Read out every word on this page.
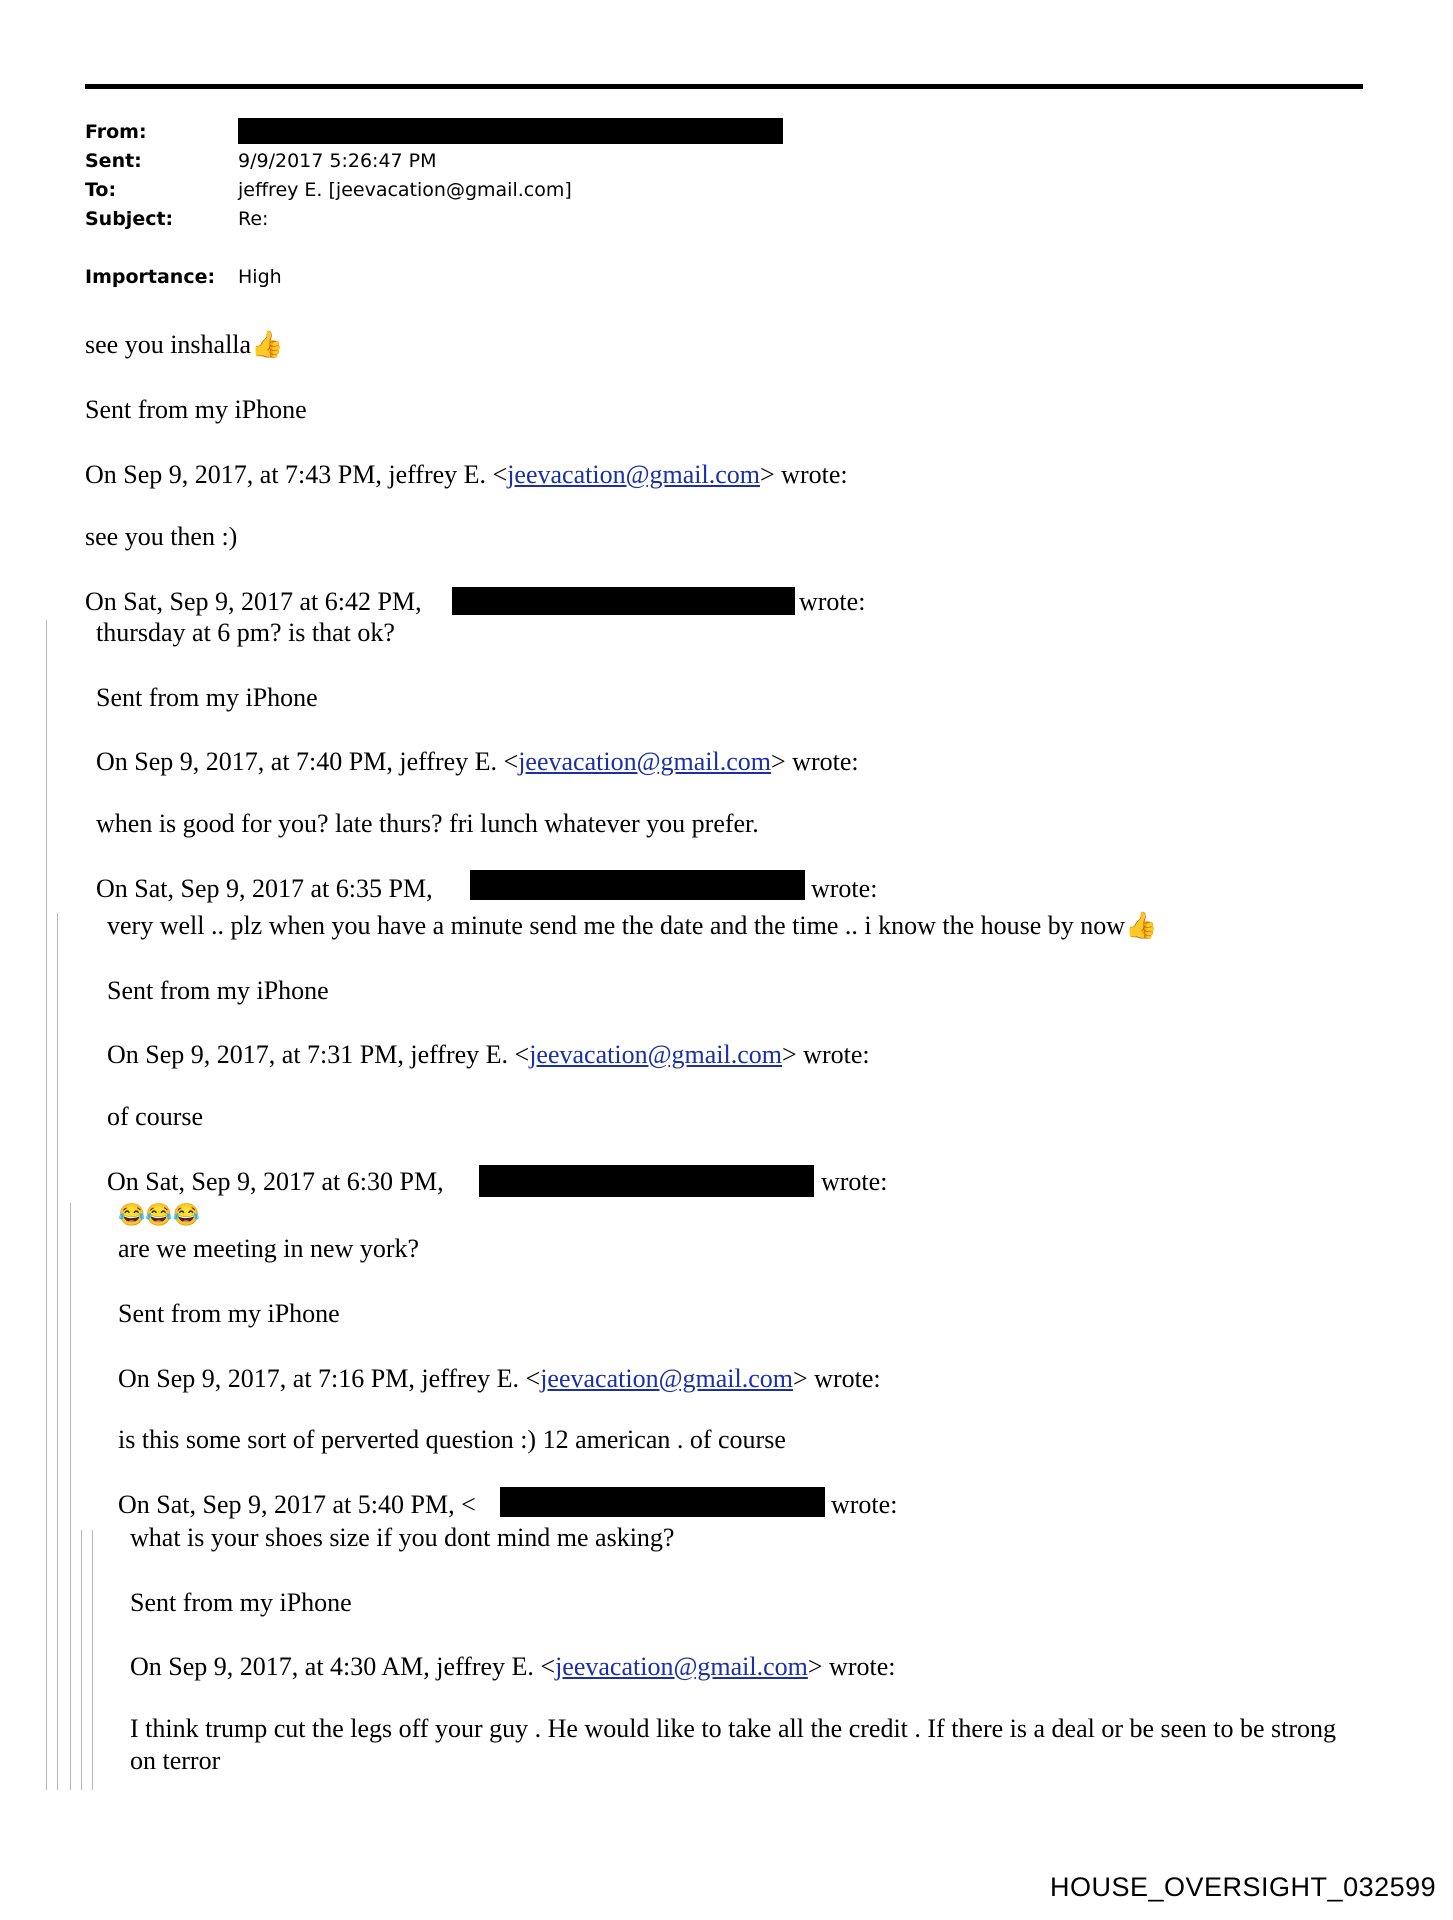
From:
Sent:	9/9/2017 5:26:47 PM
To:	jeffrey E. [jeevacation@gmail.com]
Subject:	Re:
Importance: High
see you inshalla👍
Sent from my iPhone
On Sep 9, 2017, at 7:43 PM, jeffrey E. <jeevacation@gmail.com> wrote:
see you then :)
On Sat, Sep 9, 2017 at 6:42 PM,	wrote:
thursday at 6 pm? is that ok?
Sent from my iPhone
On Sep 9, 2017, at 7:40 PM, jeffrey E. <jeevacation@gmail.com> wrote:
when is good for you? late thurs? fri lunch whatever you prefer.
On Sat, Sep 9, 2017 at 6:35 PM,	wrote:
very well .. plz when you have a minute send me the date and the time .. i know the house by now👍
Sent from my iPhone
On Sep 9, 2017, at 7:31 PM, jeffrey E. <jeevacation@gmail.com> wrote:
of course
On Sat, Sep 9, 2017 at 6:30 PM,	wrote:
😂😂😂
are we meeting in new york?
Sent from my iPhone
On Sep 9, 2017, at 7:16 PM, jeffrey E. <jeevacation@gmail.com> wrote:
is this some sort of perverted question :) 12 american . of course
On Sat, Sep 9, 2017 at 5:40 PM, <	wrote:
what is your shoes size if you dont mind me asking?
Sent from my iPhone
On Sep 9, 2017, at 4:30 AM, jeffrey E. <jeevacation@gmail.com> wrote:
I think trump cut the legs off your guy . He would like to take all the credit . If there is a deal or be seen to be strong on terror
HOUSE_OVERSIGHT_032599
